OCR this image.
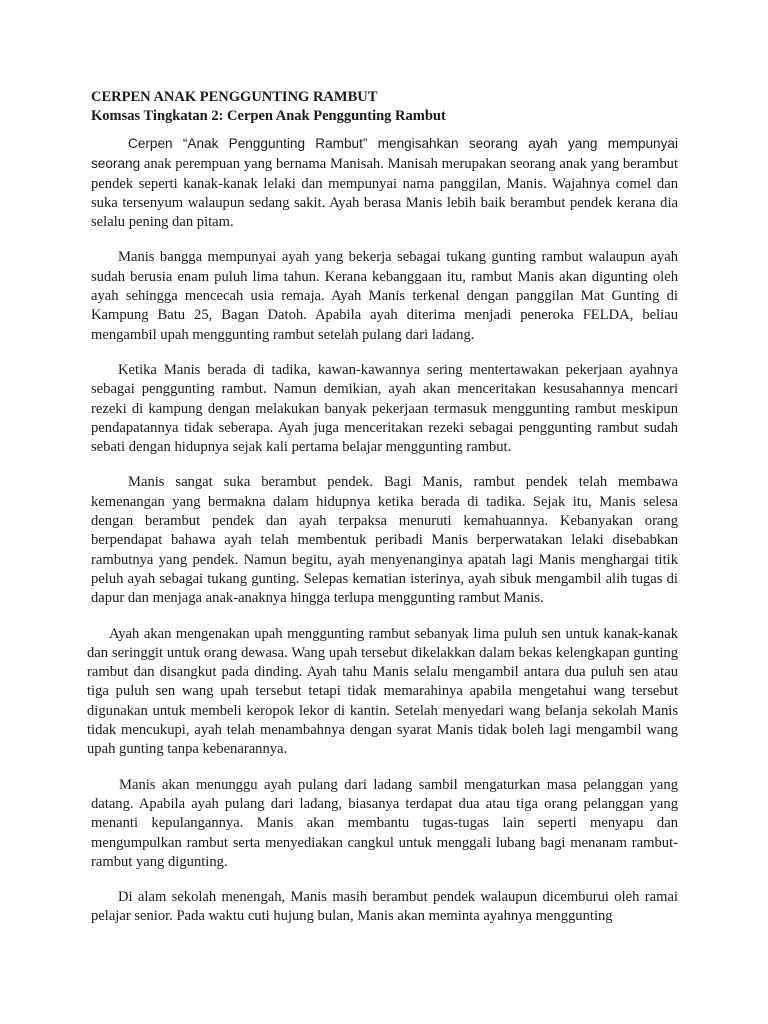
CERPEN ANAK PENGGUNTING RAMBUT
Komsas Tingkatan 2: Cerpen Anak Penggunting Rambut

Cerpen “Anak Penggunting Rambut” mengisahkan seorang ayah yang mempunyai seorang anak perempuan yang bernama Manisah. Manisah merupakan seorang anak yang berambut pendek seperti kanak-kanak lelaki dan mempunyai nama panggilan, Manis. Wajahnya comel dan suka tersenyum walaupun sedang sakit. Ayah berasa Manis lebih baik berambut pendek kerana dia selalu pening dan pitam.

Manis bangga mempunyai ayah yang bekerja sebagai tukang gunting rambut walaupun ayah sudah berusia enam puluh lima tahun. Kerana kebanggaan itu, rambut Manis akan digunting oleh ayah sehingga mencecah usia remaja. Ayah Manis terkenal dengan panggilan Mat Gunting di Kampung Batu 25, Bagan Datoh. Apabila ayah diterima menjadi peneroka FELDA, beliau mengambil upah menggunting rambut setelah pulang dari ladang.

Ketika Manis berada di tadika, kawan-kawannya sering mentertawakan pekerjaan ayahnya sebagai penggunting rambut. Namun demikian, ayah akan menceritakan kesusahannya mencari rezeki di kampung dengan melakukan banyak pekerjaan termasuk menggunting rambut meskipun pendapatannya tidak seberapa. Ayah juga menceritakan rezeki sebagai penggunting rambut sudah sebati dengan hidupnya sejak kali pertama belajar menggunting rambut.

Manis sangat suka berambut pendek. Bagi Manis, rambut pendek telah membawa kemenangan yang bermakna dalam hidupnya ketika berada di tadika. Sejak itu, Manis selesa dengan berambut pendek dan ayah terpaksa menuruti kemahuannya. Kebanyakan orang berpendapat bahawa ayah telah membentuk peribadi Manis berperwatakan lelaki disebabkan rambutnya yang pendek. Namun begitu, ayah menyenanginya apatah lagi Manis menghargai titik peluh ayah sebagai tukang gunting. Selepas kematian isterinya, ayah sibuk mengambil alih tugas di dapur dan menjaga anak-anaknya hingga terlupa menggunting rambut Manis.

Ayah akan mengenakan upah menggunting rambut sebanyak lima puluh sen untuk kanak-kanak dan seringgit untuk orang dewasa. Wang upah tersebut dikelakkan dalam bekas kelengkapan gunting rambut dan disangkut pada dinding. Ayah tahu Manis selalu mengambil antara dua puluh sen atau tiga puluh sen wang upah tersebut tetapi tidak memarahinya apabila mengetahui wang tersebut digunakan untuk membeli keropok lekor di kantin. Setelah menyedari wang belanja sekolah Manis tidak mencukupi, ayah telah menambahnya dengan syarat Manis tidak boleh lagi mengambil wang upah gunting tanpa kebenarannya.

Manis akan menunggu ayah pulang dari ladang sambil mengaturkan masa pelanggan yang datang. Apabila ayah pulang dari ladang, biasanya terdapat dua atau tiga orang pelanggan yang menanti kepulangannya. Manis akan membantu tugas-tugas lain seperti menyapu dan mengumpulkan rambut serta menyediakan cangkul untuk menggali lubang bagi menanam rambut-rambut yang digunting.

Di alam sekolah menengah, Manis masih berambut pendek walaupun dicemburui oleh ramai pelajar senior. Pada waktu cuti hujung bulan, Manis akan meminta ayahnya menggunting
